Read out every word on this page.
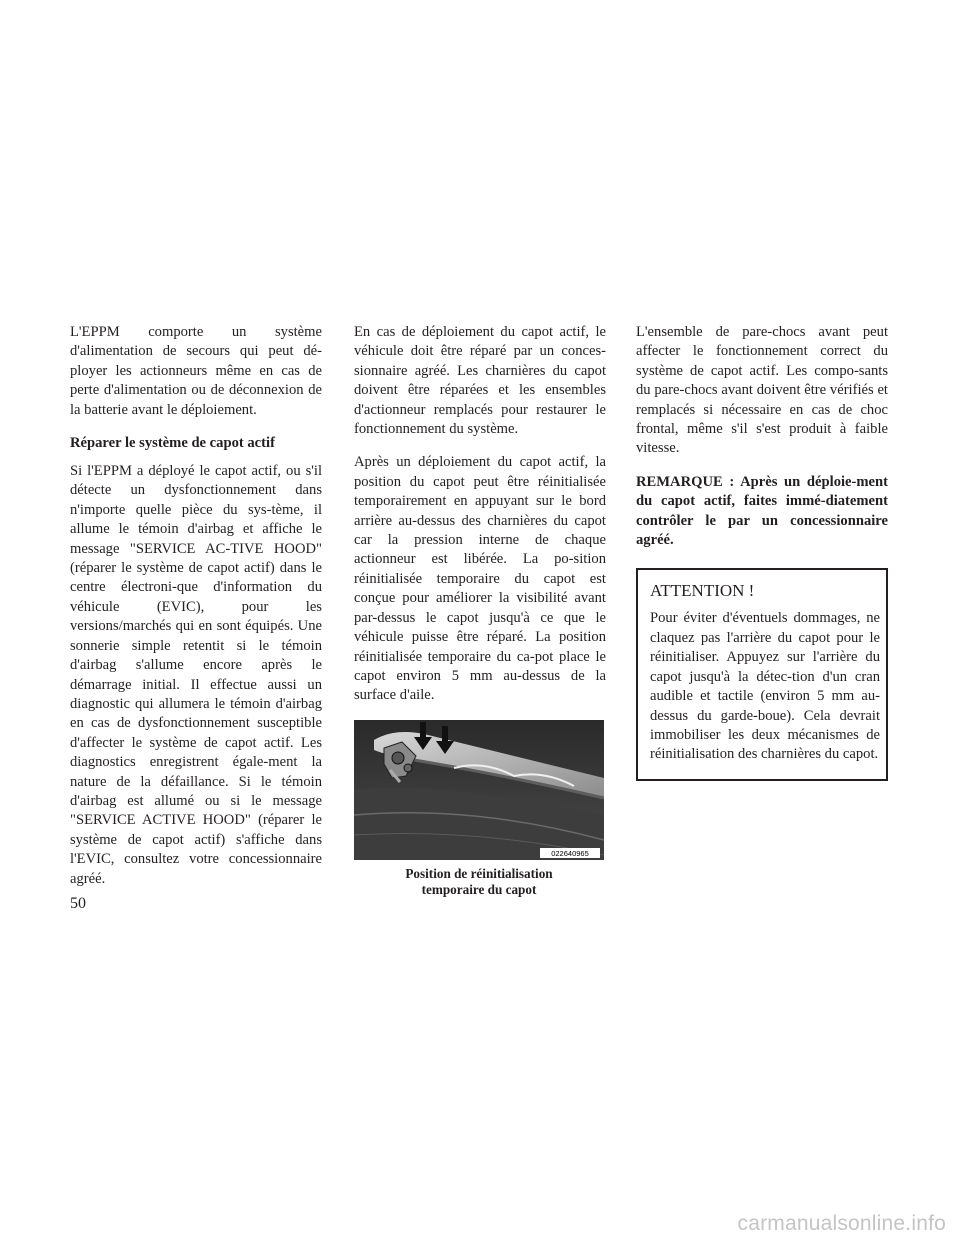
L'EPPM comporte un système d'alimentation de secours qui peut dé-ployer les actionneurs même en cas de perte d'alimentation ou de déconnexion de la batterie avant le déploiement.

Réparer le système de capot actif

Si l'EPPM a déployé le capot actif, ou s'il détecte un dysfonctionnement dans n'importe quelle pièce du sys-tème, il allume le témoin d'airbag et affiche le message "SERVICE AC-TIVE HOOD" (réparer le système de capot actif) dans le centre électroni-que d'information du véhicule (EVIC), pour les versions/marchés qui en sont équipés. Une sonnerie simple retentit si le témoin d'airbag s'allume encore après le démarrage initial. Il effectue aussi un diagnostic qui allumera le témoin d'airbag en cas de dysfonctionnement susceptible d'affecter le système de capot actif. Les diagnostics enregistrent égale-ment la nature de la défaillance. Si le témoin d'airbag est allumé ou si le message "SERVICE ACTIVE HOOD" (réparer le système de capot actif) s'affiche dans l'EVIC, consultez votre concessionnaire agréé.

En cas de déploiement du capot actif, le véhicule doit être réparé par un conces-sionnaire agréé. Les charnières du capot doivent être réparées et les ensembles d'actionneur remplacés pour restaurer le fonctionnement du système.

Après un déploiement du capot actif, la position du capot peut être réinitialisée temporairement en appuyant sur le bord arrière au-dessus des charnières du capot car la pression interne de chaque actionneur est libérée. La po-sition réinitialisée temporaire du capot est conçue pour améliorer la visibilité avant par-dessus le capot jusqu'à ce que le véhicule puisse être réparé. La position réinitialisée temporaire du ca-pot place le capot environ 5 mm au-dessus de la surface d'aile.

022640965
Position de réinitialisation
temporaire du capot

L'ensemble de pare-chocs avant peut affecter le fonctionnement correct du système de capot actif. Les compo-sants du pare-chocs avant doivent être vérifiés et remplacés si nécessaire en cas de choc frontal, même s'il s'est produit à faible vitesse.

REMARQUE : Après un déploie-ment du capot actif, faites immé-diatement contrôler le par un concessionnaire agréé.

ATTENTION !

Pour éviter d'éventuels dommages, ne claquez pas l'arrière du capot pour le réinitialiser. Appuyez sur l'arrière du capot jusqu'à la détec-tion d'un cran audible et tactile (environ 5 mm au-dessus du garde-boue). Cela devrait immobiliser les deux mécanismes de réinitialisation des charnières du capot.

50
carmanualsonline.info
